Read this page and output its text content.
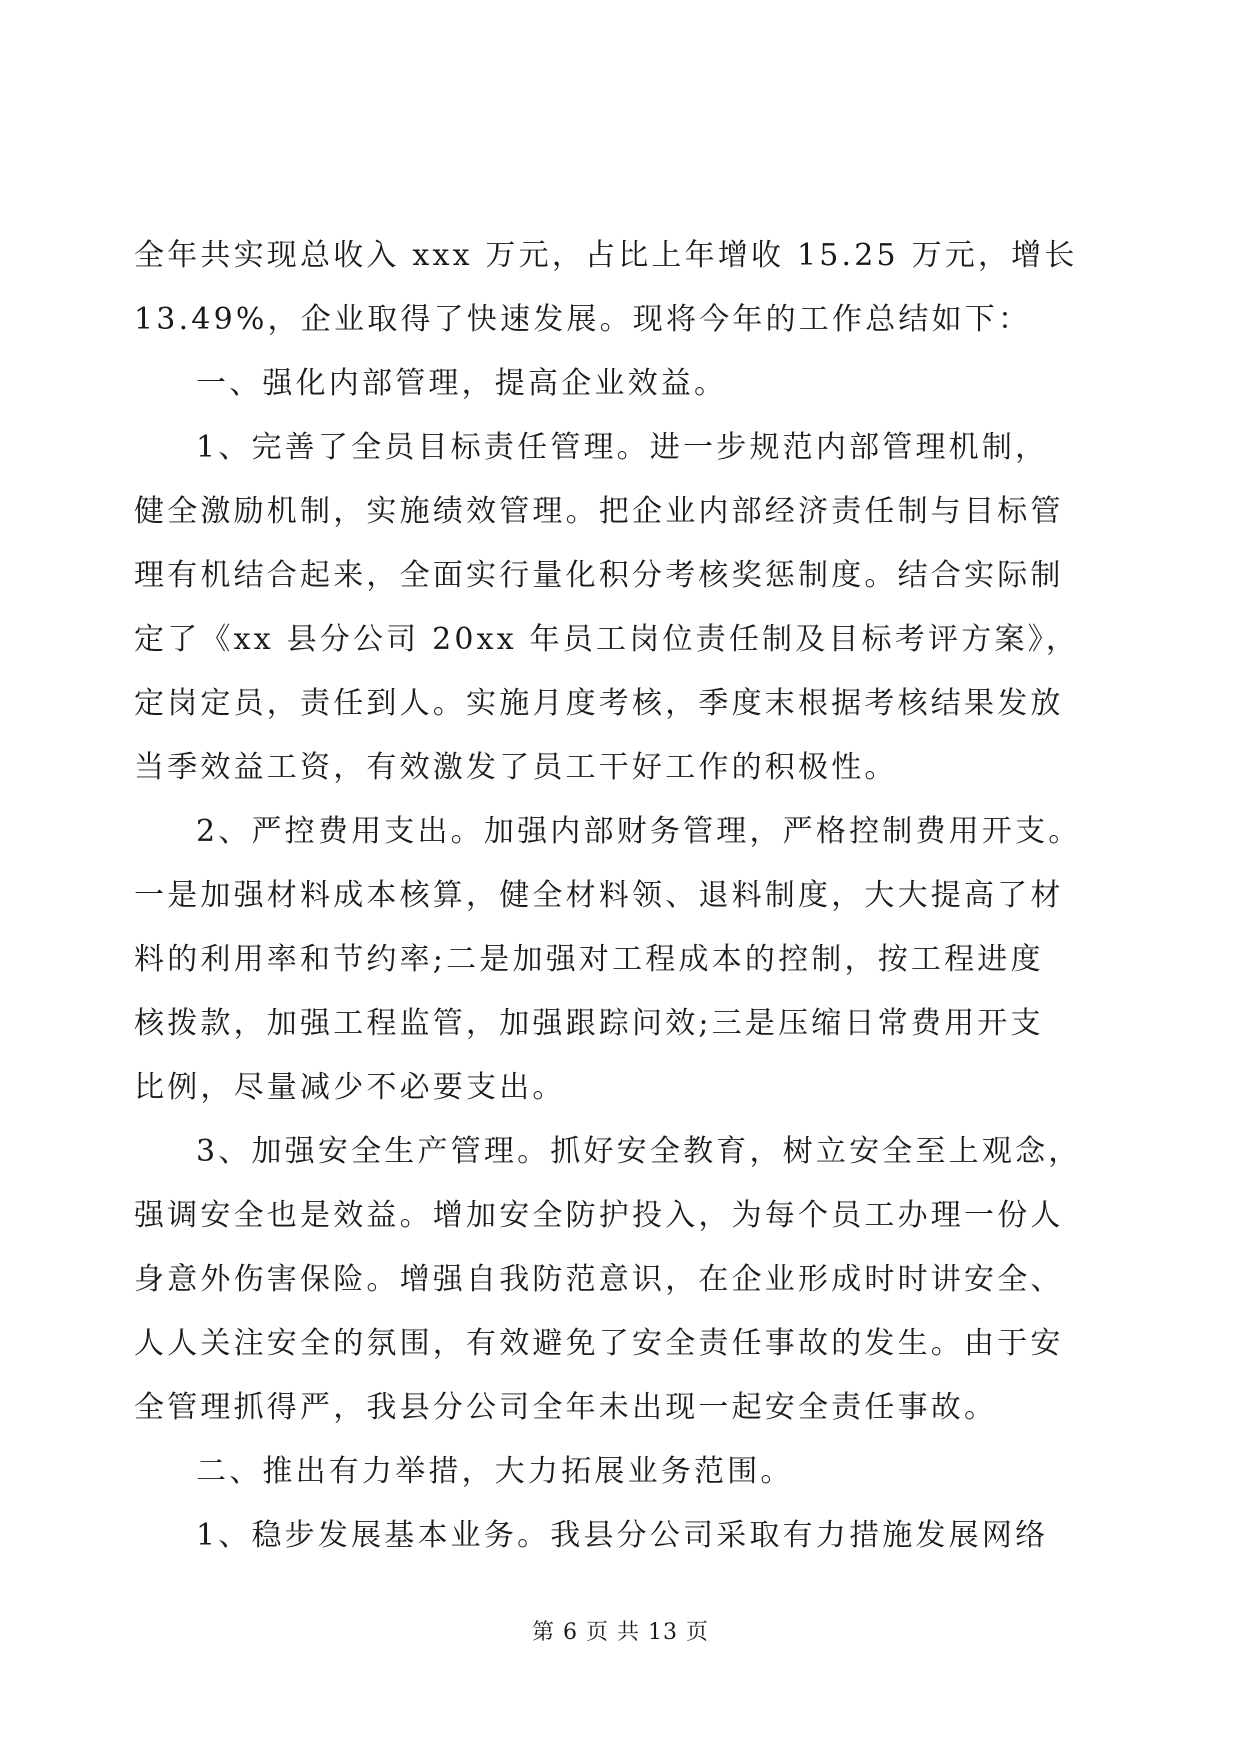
全年共实现总收入 xxx 万元，占比上年增收 15.25 万元，增长
13.49%，企业取得了快速发展。现将今年的工作总结如下：
一、强化内部管理，提高企业效益。
1、完善了全员目标责任管理。进一步规范内部管理机制，
健全激励机制，实施绩效管理。把企业内部经济责任制与目标管
理有机结合起来，全面实行量化积分考核奖惩制度。结合实际制
定了《xx 县分公司 20xx 年员工岗位责任制及目标考评方案》，
定岗定员，责任到人。实施月度考核，季度末根据考核结果发放
当季效益工资，有效激发了员工干好工作的积极性。
2、严控费用支出。加强内部财务管理，严格控制费用开支。
一是加强材料成本核算，健全材料领、退料制度，大大提高了材
料的利用率和节约率;二是加强对工程成本的控制，按工程进度
核拨款，加强工程监管，加强跟踪问效;三是压缩日常费用开支
比例，尽量减少不必要支出。
3、加强安全生产管理。抓好安全教育，树立安全至上观念，
强调安全也是效益。增加安全防护投入，为每个员工办理一份人
身意外伤害保险。增强自我防范意识，在企业形成时时讲安全、
人人关注安全的氛围，有效避免了安全责任事故的发生。由于安
全管理抓得严，我县分公司全年未出现一起安全责任事故。
二、推出有力举措，大力拓展业务范围。
1、稳步发展基本业务。我县分公司采取有力措施发展网络
第 6 页 共 13 页
